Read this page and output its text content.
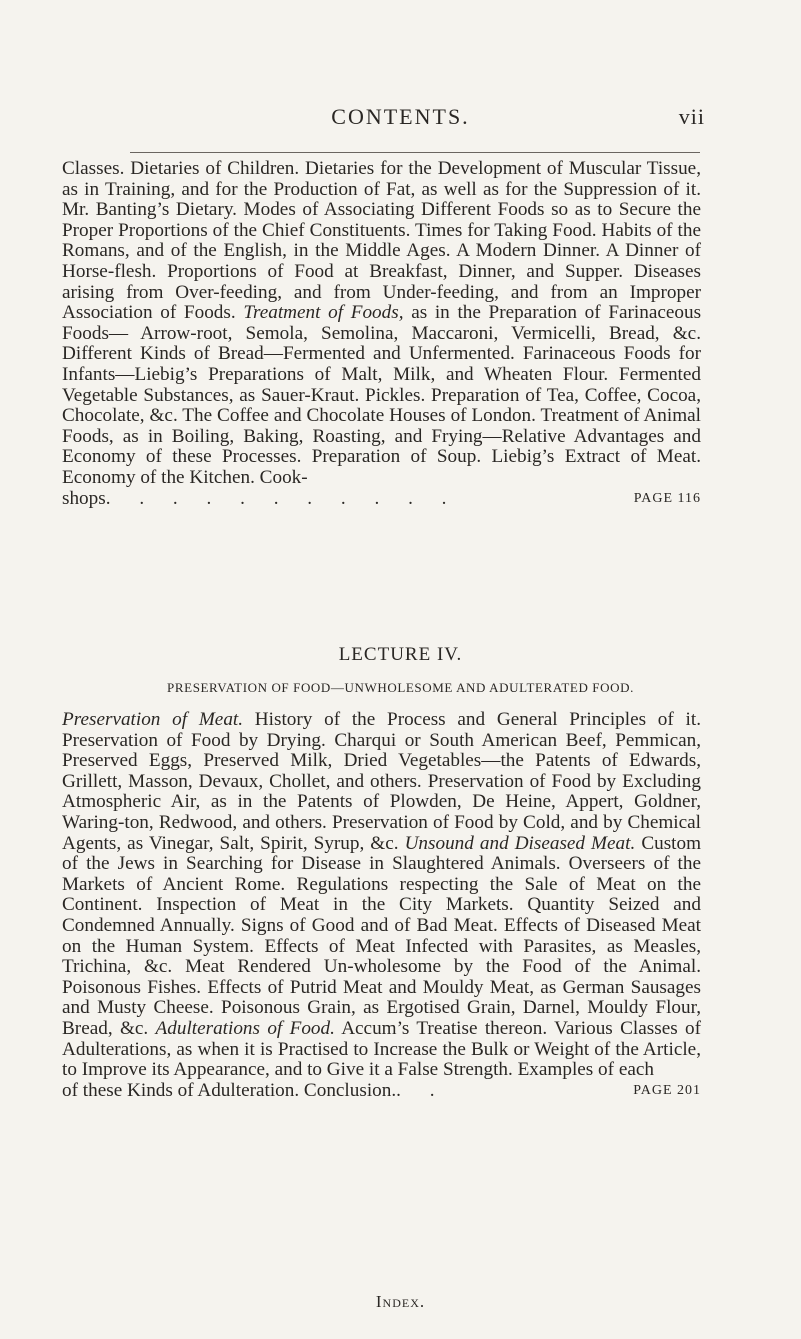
CONTENTS.	vii

Classes. Dietaries of Children. Dietaries for the Development of Muscular Tissue, as in Training, and for the Production of Fat, as well as for the Suppression of it. Mr. Banting’s Dietary. Modes of Associating Different Foods so as to Secure the Proper Proportions of the Chief Constituents. Times for Taking Food. Habits of the Romans, and of the English, in the Middle Ages. A Modern Dinner. A Dinner of Horse-flesh. Proportions of Food at Breakfast, Dinner, and Supper. Diseases arising from Over-feeding, and from Under-feeding, and from an Improper Association of Foods. Treatment of Foods, as in the Preparation of Farinaceous Foods— Arrow-root, Semola, Semolina, Maccaroni, Vermicelli, Bread, &c. Different Kinds of Bread—Fermented and Unfermented. Farinaceous Foods for Infants—Liebig’s Preparations of Malt, Milk, and Wheaten Flour. Fermented Vegetable Substances, as Sauer-Kraut. Pickles. Preparation of Tea, Coffee, Cocoa, Chocolate, &c. The Coffee and Chocolate Houses of London. Treatment of Animal Foods, as in Boiling, Baking, Roasting, and Frying—Relative Advantages and Economy of these Processes. Preparation of Soup. Liebig’s Extract of Meat. Economy of the Kitchen. Cook-

shops . . . . . . . . . . .	PAGE 116
LECTURE IV.
PRESERVATION OF FOOD—UNWHOLESOME AND ADULTERATED FOOD.

Preservation of Meat. History of the Process and General Principles of it. Preservation of Food by Drying. Charqui or South American Beef, Pemmican, Preserved Eggs, Preserved Milk, Dried Vegetables—the Patents of Edwards, Grillett, Masson, Devaux, Chollet, and others. Preservation of Food by Excluding Atmospheric Air, as in the Patents of Plowden, De Heine, Appert, Goldner, Waring-ton, Redwood, and others. Preservation of Food by Cold, and by Chemical Agents, as Vinegar, Salt, Spirit, Syrup, &c. Unsound and Diseased Meat. Custom of the Jews in Searching for Disease in Slaughtered Animals. Overseers of the Markets of Ancient Rome. Regulations respecting the Sale of Meat on the Continent. Inspection of Meat in the City Markets. Quantity Seized and Condemned Annually. Signs of Good and of Bad Meat. Effects of Diseased Meat on the Human System. Effects of Meat Infected with Parasites, as Measles, Trichina, &c. Meat Rendered Un-wholesome by the Food of the Animal. Poisonous Fishes. Effects of Putrid Meat and Mouldy Meat, as German Sausages and Musty Cheese. Poisonous Grain, as Ergotised Grain, Darnel, Mouldy Flour, Bread, &c. Adulterations of Food. Accum’s Treatise thereon. Various Classes of Adulterations, as when it is Practised to Increase the Bulk or Weight of the Article, to Improve its Appearance, and to Give it a False Strength. Examples of each

of these Kinds of Adulteration. Conclusion. . .	PAGE 201
Index.
